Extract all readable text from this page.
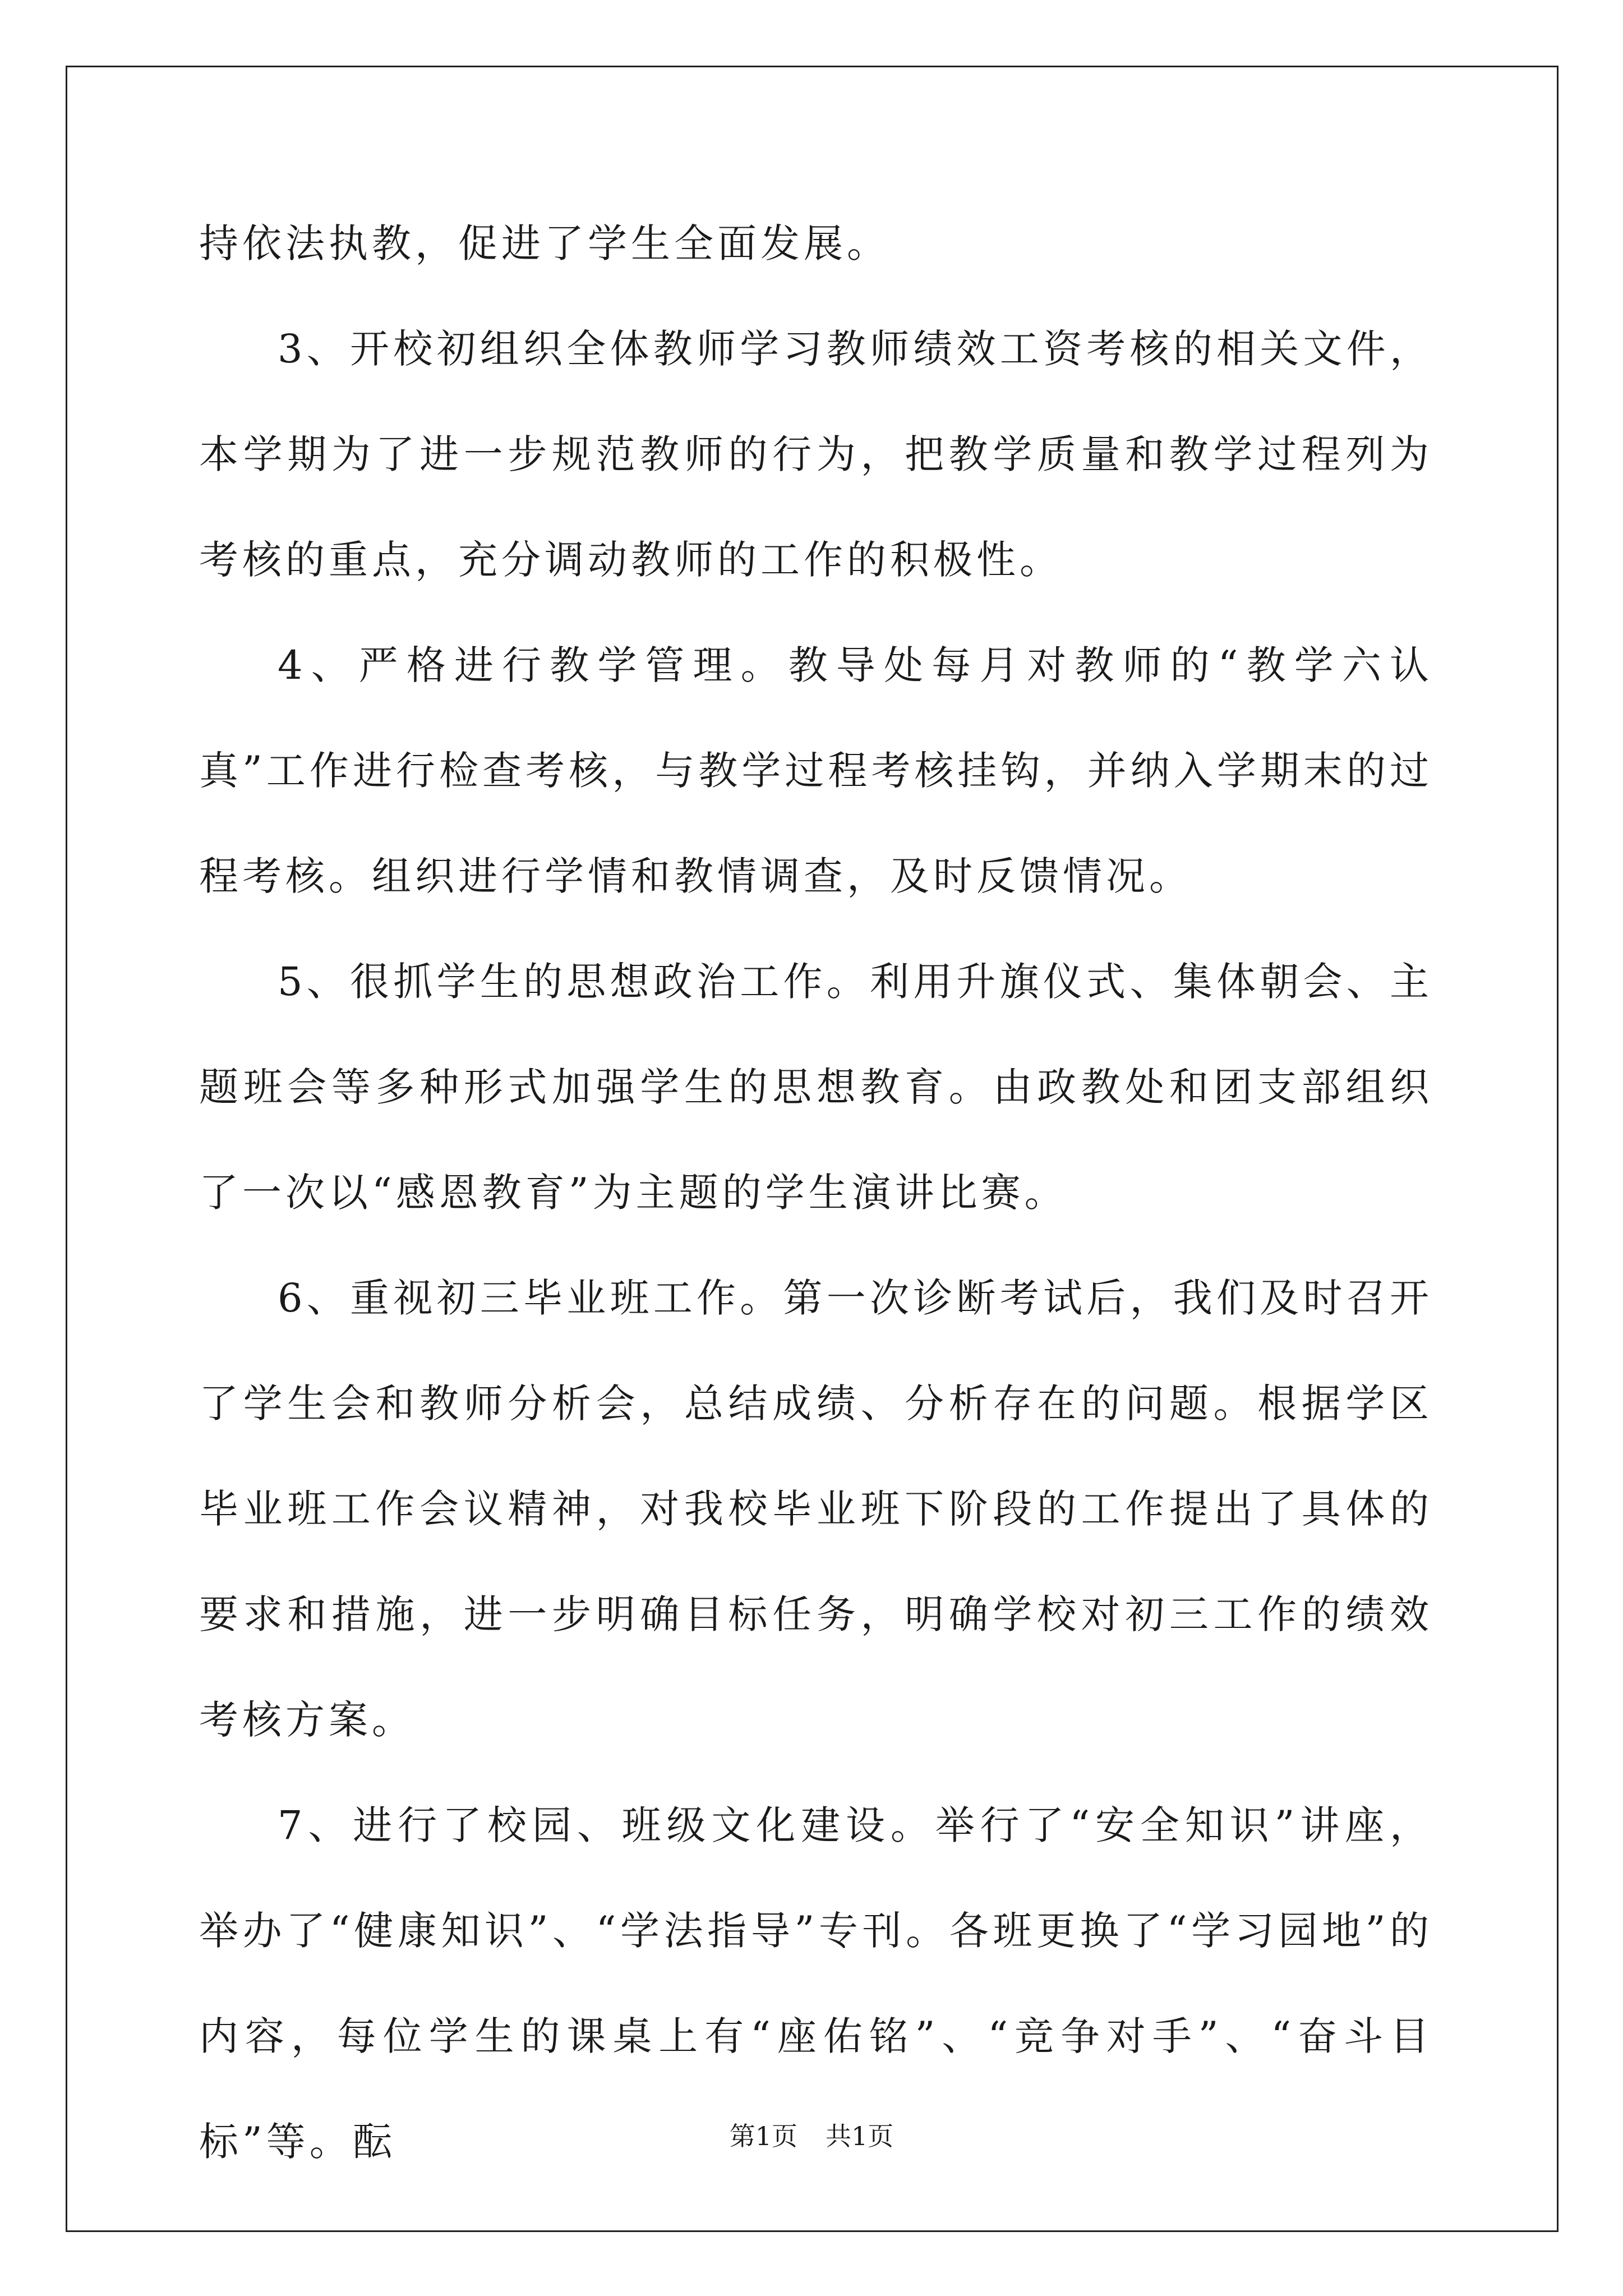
持依法执教，促进了学生全面发展。

3、开校初组织全体教师学习教师绩效工资考核的相关文件，本学期为了进一步规范教师的行为，把教学质量和教学过程列为考核的重点，充分调动教师的工作的积极性。

4、严格进行教学管理。教导处每月对教师的“教学六认真”工作进行检查考核，与教学过程考核挂钩，并纳入学期末的过程考核。组织进行学情和教情调查，及时反馈情况。

5、很抓学生的思想政治工作。利用升旗仪式、集体朝会、主题班会等多种形式加强学生的思想教育。由政教处和团支部组织了一次以“感恩教育”为主题的学生演讲比赛。

6、重视初三毕业班工作。第一次诊断考试后，我们及时召开了学生会和教师分析会，总结成绩、分析存在的问题。根据学区毕业班工作会议精神，对我校毕业班下阶段的工作提出了具体的要求和措施，进一步明确目标任务，明确学校对初三工作的绩效考核方案。

7、进行了校园、班级文化建设。举行了“安全知识”讲座，举办了“健康知识”、“学法指导”专刊。各班更换了“学习园地”的内容，每位学生的课桌上有“座佑铭”、“竞争对手”、“奋斗目标”等。酝	第1页 共1页
